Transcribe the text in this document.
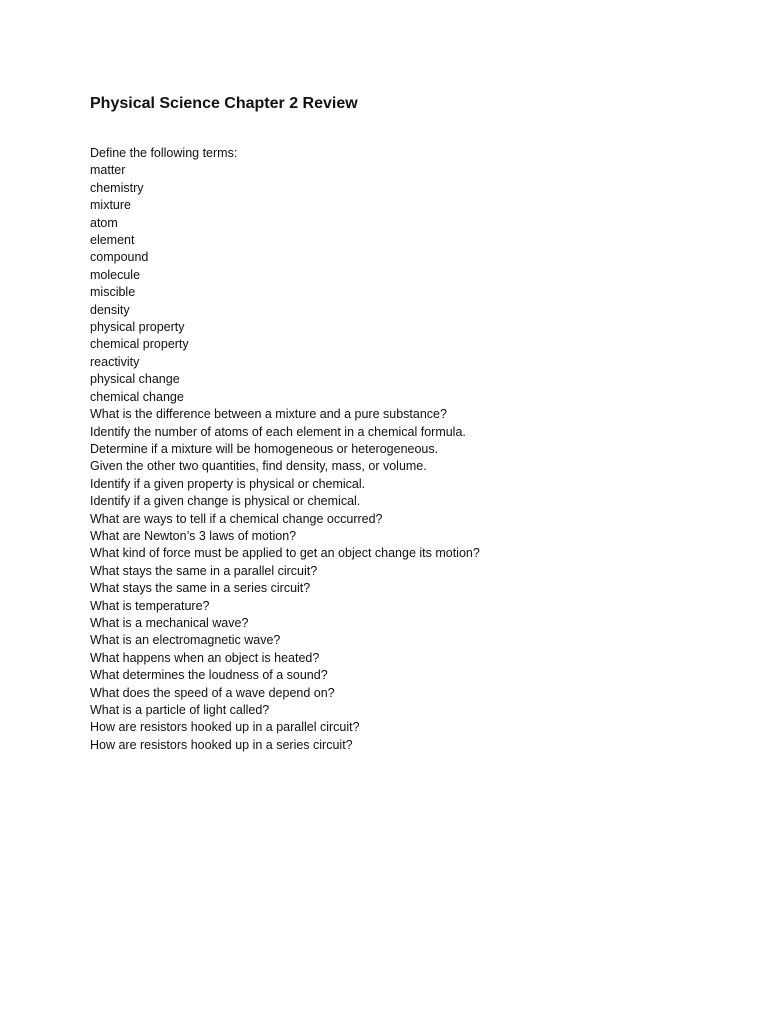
Physical Science Chapter 2 Review
Define the following terms:
matter
chemistry
mixture
atom
element
compound
molecule
miscible
density
physical property
chemical property
reactivity
physical change
chemical change
What is the difference between a mixture and a pure substance?
Identify the number of atoms of each element in a chemical formula.
Determine if a mixture will be homogeneous or heterogeneous.
Given the other two quantities, find density, mass, or volume.
Identify if a given property is physical or chemical.
Identify if a given change is physical or chemical.
What are ways to tell if a chemical change occurred?
What are Newton’s 3 laws of motion?
What kind of force must be applied to get an object change its motion?
What stays the same in a parallel circuit?
What stays the same in a series circuit?
What is temperature?
What is a mechanical wave?
What is an electromagnetic wave?
What happens when an object is heated?
What determines the loudness of a sound?
What does the speed of a wave depend on?
What is a particle of light called?
How are resistors hooked up in a parallel circuit?
How are resistors hooked up in a series circuit?
